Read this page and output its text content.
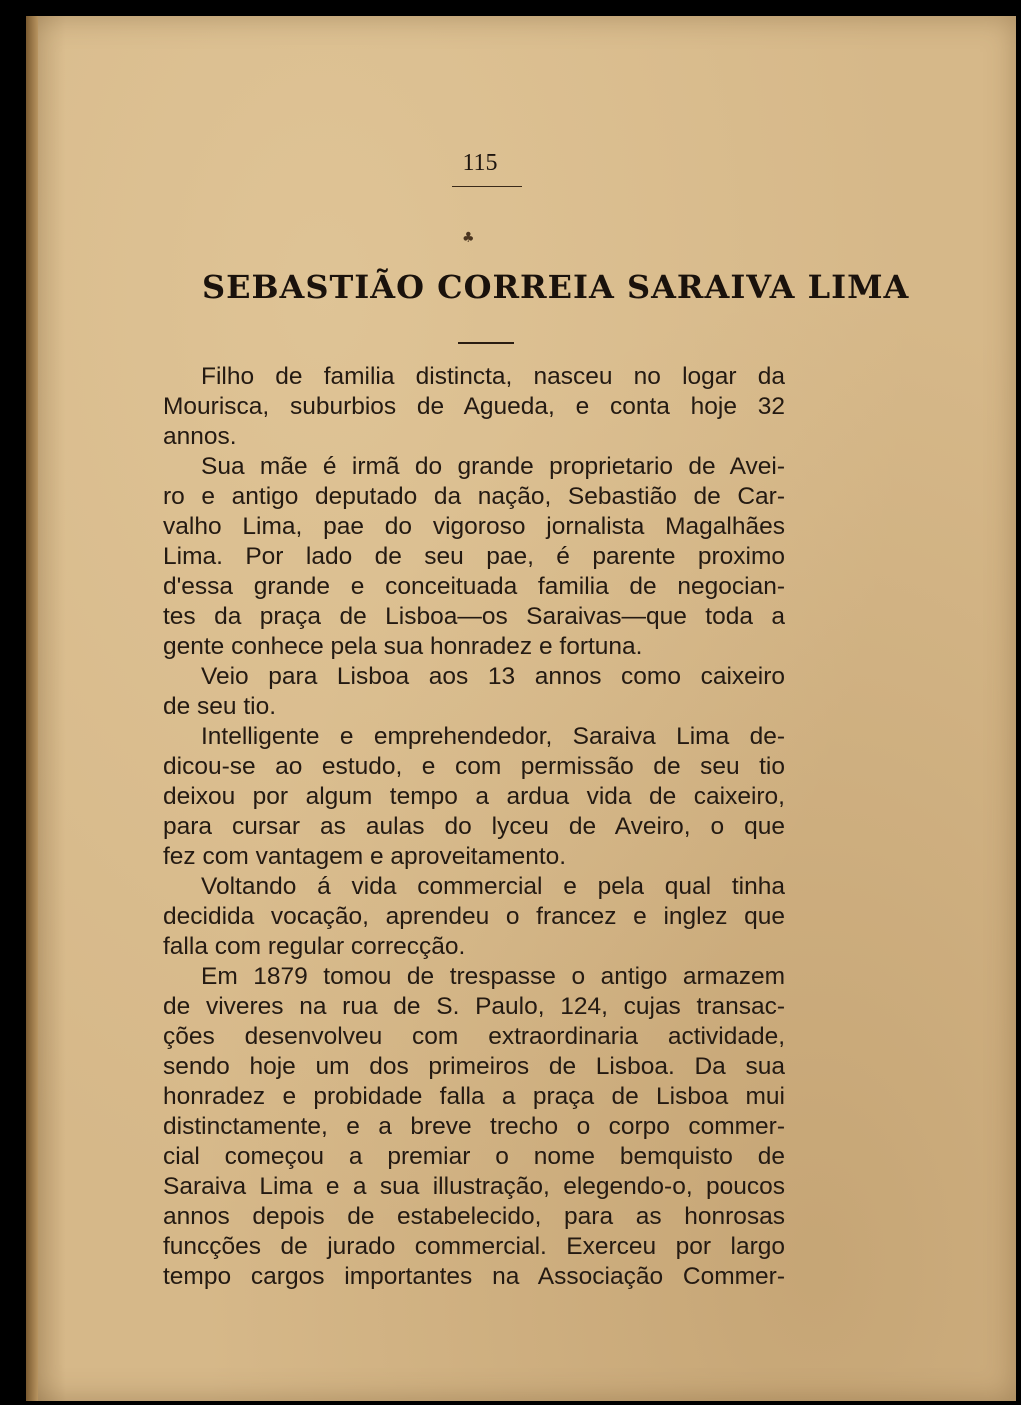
115
♣
SEBASTIÃO CORREIA SARAIVA LIMA
Filho de familia distincta, nasceu no logar da
Mourisca, suburbios de Agueda, e conta hoje 32
annos.
Sua mãe é irmã do grande proprietario de Avei-
ro e antigo deputado da nação, Sebastião de Car-
valho Lima, pae do vigoroso jornalista Magalhães
Lima. Por lado de seu pae, é parente proximo
d'essa grande e conceituada familia de negocian-
tes da praça de Lisboa—os Saraivas—que toda a
gente conhece pela sua honradez e fortuna.
Veio para Lisboa aos 13 annos como caixeiro
de seu tio.
Intelligente e emprehendedor, Saraiva Lima de-
dicou-se ao estudo, e com permissão de seu tio
deixou por algum tempo a ardua vida de caixeiro,
para cursar as aulas do lyceu de Aveiro, o que
fez com vantagem e aproveitamento.
Voltando á vida commercial e pela qual tinha
decidida vocação, aprendeu o francez e inglez que
falla com regular correcção.
Em 1879 tomou de trespasse o antigo armazem
de viveres na rua de S. Paulo, 124, cujas transac-
ções desenvolveu com extraordinaria actividade,
sendo hoje um dos primeiros de Lisboa. Da sua
honradez e probidade falla a praça de Lisboa mui
distinctamente, e a breve trecho o corpo commer-
cial começou a premiar o nome bemquisto de
Saraiva Lima e a sua illustração, elegendo-o, poucos
annos depois de estabelecido, para as honrosas
funcções de jurado commercial. Exerceu por largo
tempo cargos importantes na Associação Commer-
